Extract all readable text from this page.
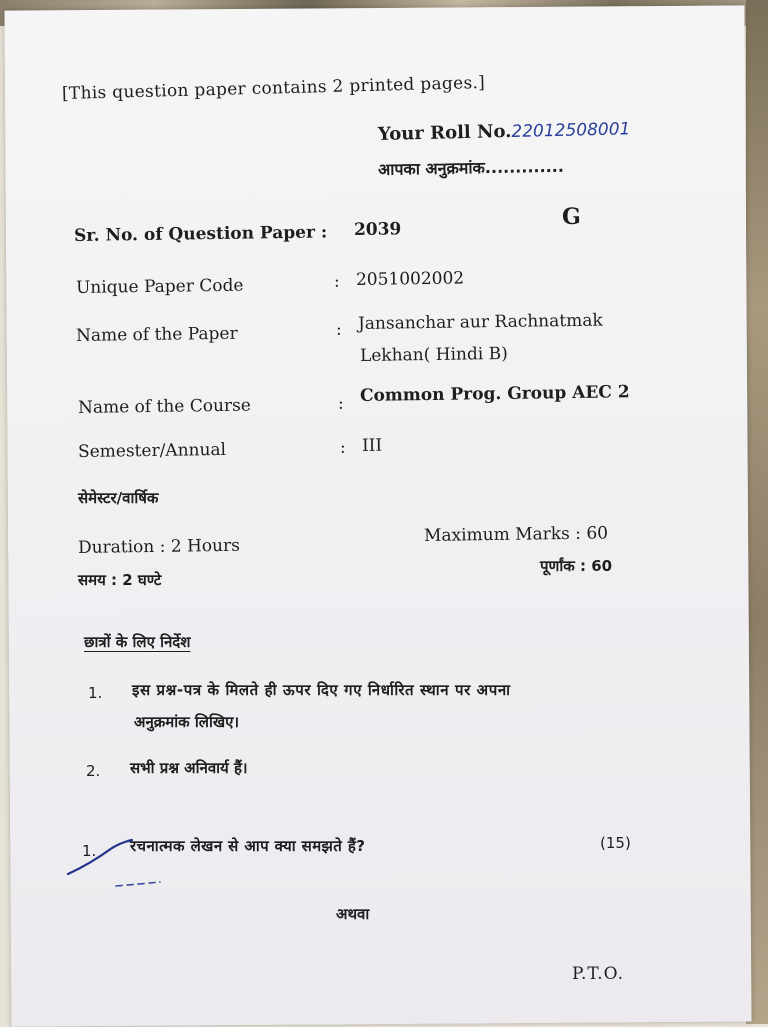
[This question paper contains 2 printed pages.]
Your Roll No.22012508001
आपका अनुक्रमांक.............
G
Sr. No. of Question Paper : 2039
Unique Paper Code	: 2051002002
Name of the Paper	: Jansanchar aur Rachnatmak
Lekhan( Hindi B)
Name of the Course	: Common Prog. Group AEC 2
Semester/Annual	: III
सेमेस्टर/वार्षिक
Duration : 2 Hours
समय : 2 घण्टे
Maximum Marks : 60
पूर्णांक : 60
छात्रों के लिए निर्देश
1. इस प्रश्न-पत्र के मिलते ही ऊपर दिए गए निर्धारित स्थान पर अपना
अनुक्रमांक लिखिए।
2. सभी प्रश्न अनिवार्य हैं।
1. रचनात्मक लेखन से आप क्या समझते हैं?	(15)
अथवा
P.T.O.
